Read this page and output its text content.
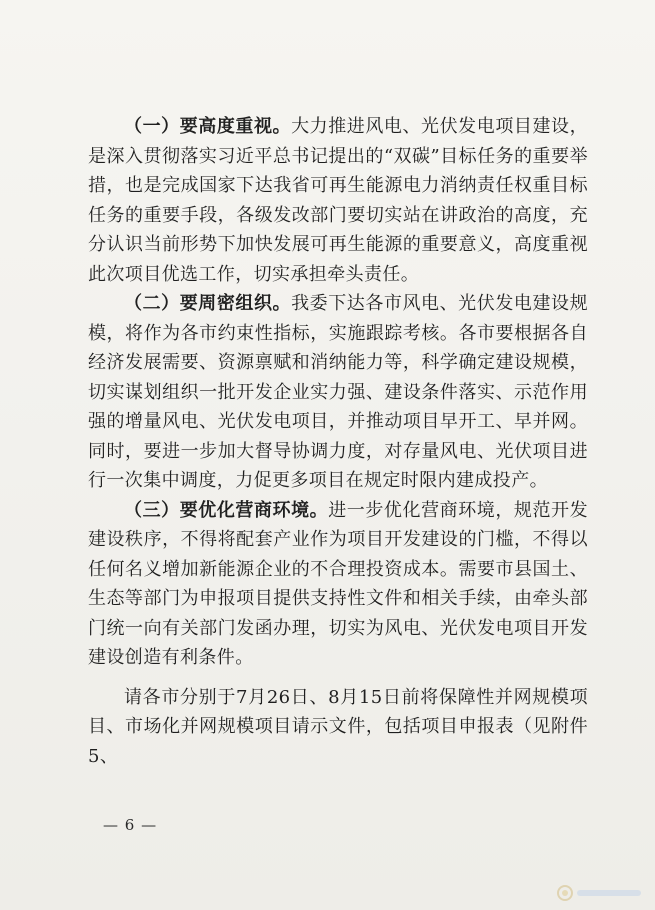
（一）要高度重视。大力推进风电、光伏发电项目建设，是深入贯彻落实习近平总书记提出的“双碳”目标任务的重要举措，也是完成国家下达我省可再生能源电力消纳责任权重目标任务的重要手段，各级发改部门要切实站在讲政治的高度，充分认识当前形势下加快发展可再生能源的重要意义，高度重视此次项目优选工作，切实承担牵头责任。

（二）要周密组织。我委下达各市风电、光伏发电建设规模，将作为各市约束性指标，实施跟踪考核。各市要根据各自经济发展需要、资源禀赋和消纳能力等，科学确定建设规模，切实谋划组织一批开发企业实力强、建设条件落实、示范作用强的增量风电、光伏发电项目，并推动项目早开工、早并网。同时，要进一步加大督导协调力度，对存量风电、光伏项目进行一次集中调度，力促更多项目在规定时限内建成投产。

（三）要优化营商环境。进一步优化营商环境，规范开发建设秩序，不得将配套产业作为项目开发建设的门槛，不得以任何名义增加新能源企业的不合理投资成本。需要市县国土、生态等部门为申报项目提供支持性文件和相关手续，由牵头部门统一向有关部门发函办理，切实为风电、光伏发电项目开发建设创造有利条件。

请各市分别于7月26日、8月15日前将保障性并网规模项目、市场化并网规模项目请示文件，包括项目申报表（见附件5、

— 6 —
